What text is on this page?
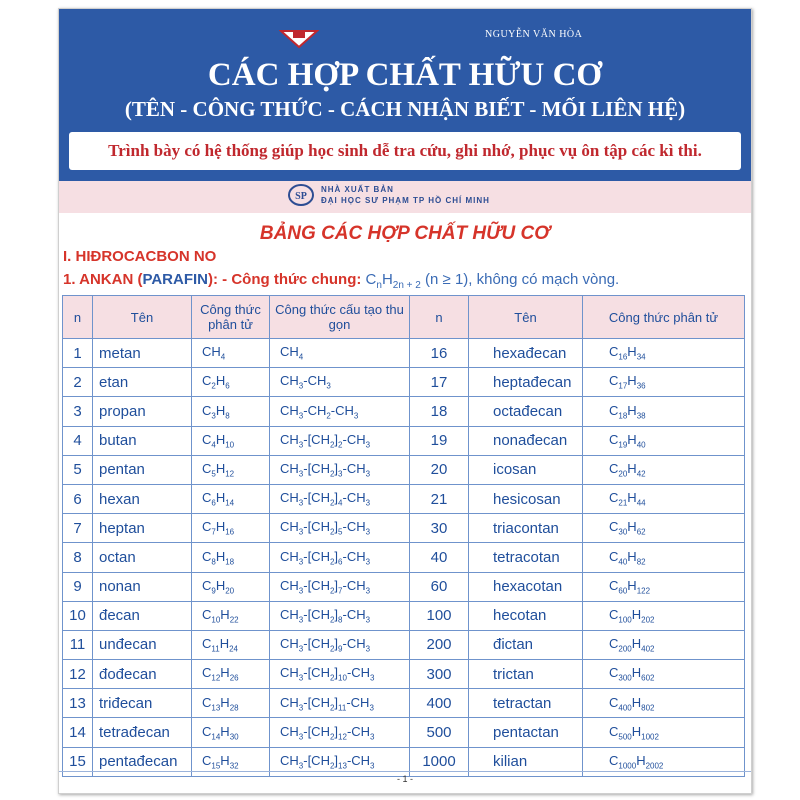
NGUYỄN VĂN HÒA
CÁC HỢP CHẤT HỮU CƠ
(TÊN - CÔNG THỨC - CÁCH NHẬN BIẾT - MỐI LIÊN HỆ)
Trình bày có hệ thống giúp học sinh dễ tra cứu, ghi nhớ, phục vụ ôn tập các kì thi.
SP
NHÀ XUẤT BẢN
ĐẠI HỌC SƯ PHẠM TP HỒ CHÍ MINH
BẢNG CÁC HỢP CHẤT HỮU CƠ
I. HIĐROCACBON NO
1. ANKAN (PARAFIN): - Công thức chung: $C_nH_{2n + 2}$ (n ≥ 1), không có mạch vòng.
n	Tên	Công thức phân tử	Công thức cấu tạo thu gọn	n	Tên	Công thức phân tử
1	metan	$CH_4$	$CH_4$	16	hexađecan	$C_{16}H_{34}$
2	etan	$C_2H_6$	$CH_3-CH_3$	17	heptađecan	$C_{17}H_{36}$
3	propan	$C_3H_8$	$CH_3-CH_2-CH_3$	18	octađecan	$C_{18}H_{38}$
4	butan	$C_4H_{10}$	$CH_3-[CH_2]_2-CH_3$	19	nonađecan	$C_{19}H_{40}$
5	pentan	$C_5H_{12}$	$CH_3-[CH_2]_3-CH_3$	20	icosan	$C_{20}H_{42}$
6	hexan	$C_6H_{14}$	$CH_3-[CH_2]_4-CH_3$	21	hesicosan	$C_{21}H_{44}$
7	heptan	$C_7H_{16}$	$CH_3-[CH_2]_5-CH_3$	30	triacontan	$C_{30}H_{62}$
8	octan	$C_8H_{18}$	$CH_3-[CH_2]_6-CH_3$	40	tetracotan	$C_{40}H_{82}$
9	nonan	$C_9H_{20}$	$CH_3-[CH_2]_7-CH_3$	60	hexacotan	$C_{60}H_{122}$
10	đecan	$C_{10}H_{22}$	$CH_3-[CH_2]_8-CH_3$	100	hecotan	$C_{100}H_{202}$
11	unđecan	$C_{11}H_{24}$	$CH_3-[CH_2]_9-CH_3$	200	đictan	$C_{200}H_{402}$
12	đođecan	$C_{12}H_{26}$	$CH_3-[CH_2]_{10}-CH_3$	300	trictan	$C_{300}H_{602}$
13	triđecan	$C_{13}H_{28}$	$CH_3-[CH_2]_{11}-CH_3$	400	tetractan	$C_{400}H_{802}$
14	tetrađecan	$C_{14}H_{30}$	$CH_3-[CH_2]_{12}-CH_3$	500	pentactan	$C_{500}H_{1002}$
15	pentađecan	$C_{15}H_{32}$	$CH_3-[CH_2]_{13}-CH_3$	1000	kilian	$C_{1000}H_{2002}$
- 1 -
